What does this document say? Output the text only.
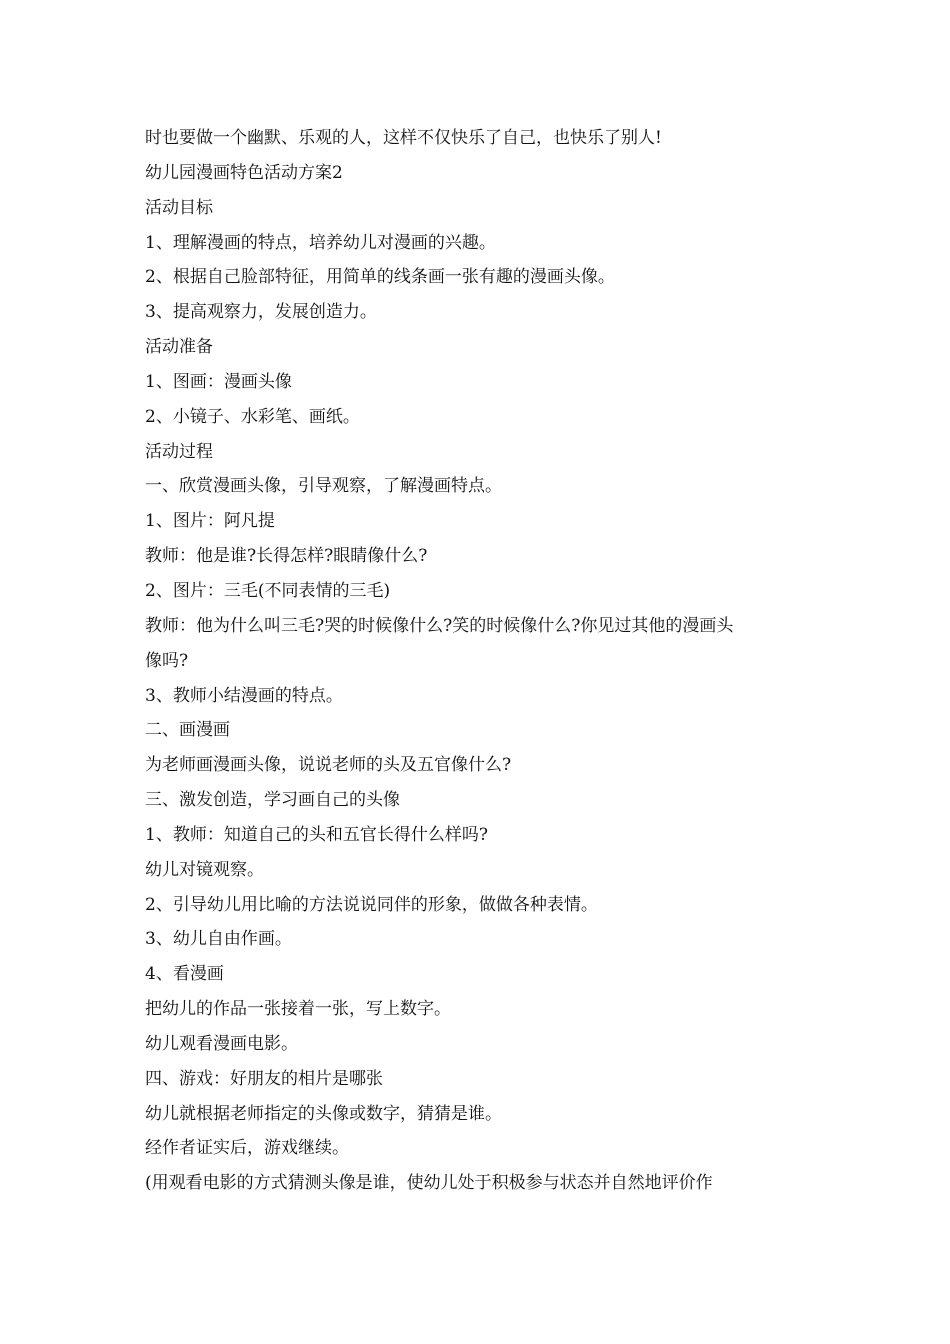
时也要做一个幽默、乐观的人，这样不仅快乐了自己，也快乐了别人!
幼儿园漫画特色活动方案2
活动目标
1、理解漫画的特点，培养幼儿对漫画的兴趣。
2、根据自己脸部特征，用简单的线条画一张有趣的漫画头像。
3、提高观察力，发展创造力。
活动准备
1、图画：漫画头像
2、小镜子、水彩笔、画纸。
活动过程
一、欣赏漫画头像，引导观察，了解漫画特点。
1、图片：阿凡提
教师：他是谁?长得怎样?眼睛像什么?
2、图片：三毛(不同表情的三毛)
教师：他为什么叫三毛?哭的时候像什么?笑的时候像什么?你见过其他的漫画头
像吗?
3、教师小结漫画的特点。
二、画漫画
为老师画漫画头像，说说老师的头及五官像什么?
三、激发创造，学习画自己的头像
1、教师：知道自己的头和五官长得什么样吗?
幼儿对镜观察。
2、引导幼儿用比喻的方法说说同伴的形象，做做各种表情。
3、幼儿自由作画。
4、看漫画
把幼儿的作品一张接着一张，写上数字。
幼儿观看漫画电影。
四、游戏：好朋友的相片是哪张
幼儿就根据老师指定的头像或数字，猜猜是谁。
经作者证实后，游戏继续。
(用观看电影的方式猜测头像是谁，使幼儿处于积极参与状态并自然地评价作
